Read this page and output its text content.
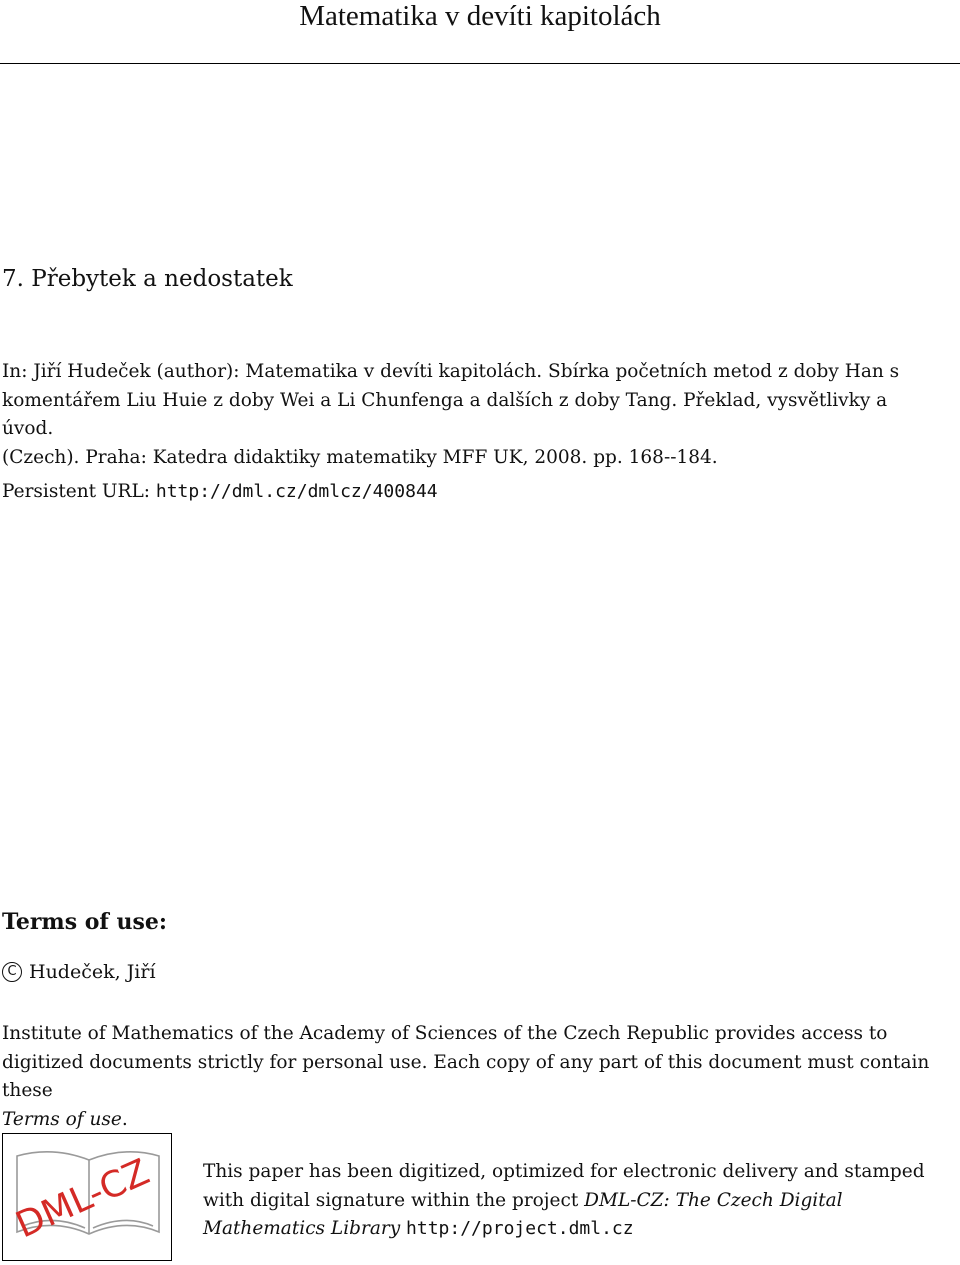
Matematika v devíti kapitolách
7. Přebytek a nedostatek
In: Jiří Hudeček (author): Matematika v devíti kapitolách. Sbírka početních metod z doby Han s komentářem Liu Huie z doby Wei a Li Chunfenga a dalších z doby Tang. Překlad, vysvětlivky a úvod.
(Czech). Praha: Katedra didaktiky matematiky MFF UK, 2008. pp. 168--184.
Persistent URL: http://dml.cz/dmlcz/400844
Terms of use:
C Hudeček, Jiří
Institute of Mathematics of the Academy of Sciences of the Czech Republic provides access to digitized documents strictly for personal use. Each copy of any part of this document must contain these
Terms of use.
DML-CZ	This paper has been digitized, optimized for electronic delivery and stamped with digital signature within the project DML-CZ: The Czech Digital Mathematics Library http://project.dml.cz
